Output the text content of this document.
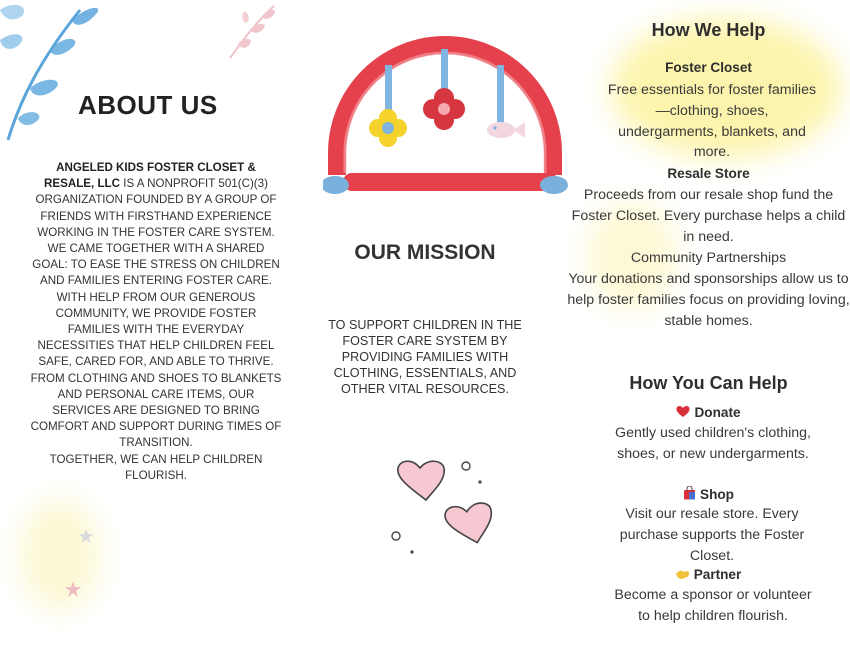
ABOUT US

ANGELED KIDS FOSTER CLOSET & RESALE, LLC IS A NONPROFIT 501(C)(3) ORGANIZATION FOUNDED BY A GROUP OF FRIENDS WITH FIRSTHAND EXPERIENCE WORKING IN THE FOSTER CARE SYSTEM.

WE CAME TOGETHER WITH A SHARED GOAL: TO EASE THE STRESS ON CHILDREN AND FAMILIES ENTERING FOSTER CARE.

WITH HELP FROM OUR GENEROUS COMMUNITY, WE PROVIDE FOSTER FAMILIES WITH THE EVERYDAY NECESSITIES THAT HELP CHILDREN FEEL SAFE, CARED FOR, AND ABLE TO THRIVE. FROM CLOTHING AND SHOES TO BLANKETS AND PERSONAL CARE ITEMS, OUR SERVICES ARE DESIGNED TO BRING COMFORT AND SUPPORT DURING TIMES OF TRANSITION.

TOGETHER, WE CAN HELP CHILDREN FLOURISH.

OUR MISSION

TO SUPPORT CHILDREN IN THE FOSTER CARE SYSTEM BY PROVIDING FAMILIES WITH CLOTHING, ESSENTIALS, AND OTHER VITAL RESOURCES.

How We Help
Foster Closet

Free essentials for foster families—clothing, shoes, undergarments, blankets, and more.

Resale Store

Proceeds from our resale shop fund the Foster Closet. Every purchase helps a child in need.

Community Partnerships

Your donations and sponsorships allow us to help foster families focus on providing loving, stable homes.

How You Can Help
Donate

Gently used children's clothing, shoes, or new undergarments.

Shop

Visit our resale store. Every purchase supports the Foster Closet.

Partner

Become a sponsor or volunteer to help children flourish.
